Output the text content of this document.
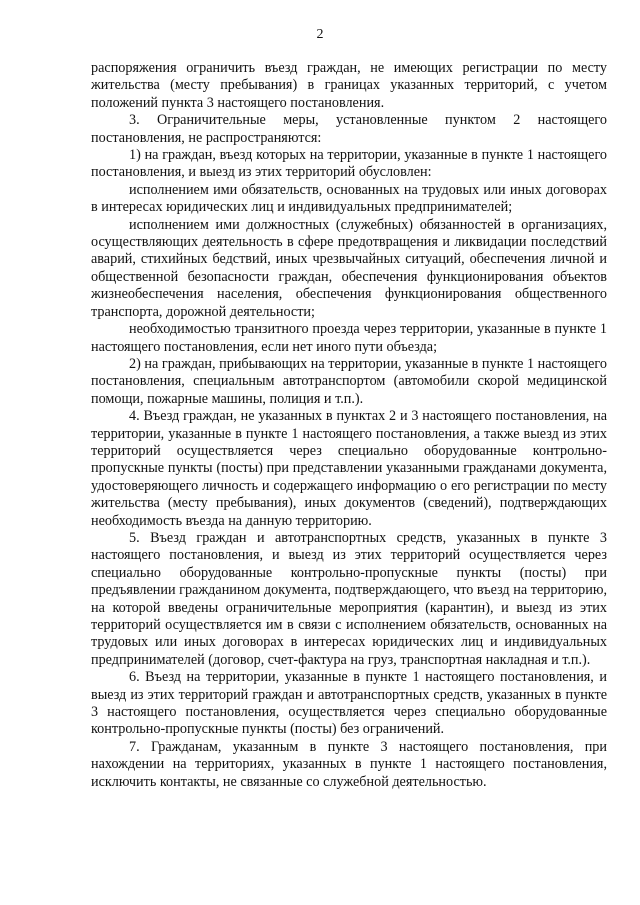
2

распоряжения ограничить въезд граждан, не имеющих регистрации по месту жительства (месту пребывания) в границах указанных территорий, с учетом положений пункта 3 настоящего постановления.

3. Ограничительные меры, установленные пунктом 2 настоящего постановления, не распространяются:

1) на граждан, въезд которых на территории, указанные в пункте 1 настоящего постановления, и выезд из этих территорий обусловлен:

исполнением ими обязательств, основанных на трудовых или иных договорах в интересах юридических лиц и индивидуальных предпринимателей;

исполнением ими должностных (служебных) обязанностей в организациях, осуществляющих деятельность в сфере предотвращения и ликвидации последствий аварий, стихийных бедствий, иных чрезвычайных ситуаций, обеспечения личной и общественной безопасности граждан, обеспечения функционирования объектов жизнеобеспечения населения, обеспечения функционирования общественного транспорта, дорожной деятельности;

необходимостью транзитного проезда через территории, указанные в пункте 1 настоящего постановления, если нет иного пути объезда;

2) на граждан, прибывающих на территории, указанные в пункте 1 настоящего постановления, специальным автотранспортом (автомобили скорой медицинской помощи, пожарные машины, полиция и т.п.).

4. Въезд граждан, не указанных в пунктах 2 и 3 настоящего постановления, на территории, указанные в пункте 1 настоящего постановления, а также выезд из этих территорий осуществляется через специально оборудованные контрольно-пропускные пункты (посты) при представлении указанными гражданами документа, удостоверяющего личность и содержащего информацию о его регистрации по месту жительства (месту пребывания), иных документов (сведений), подтверждающих необходимость въезда на данную территорию.

5. Въезд граждан и автотранспортных средств, указанных в пункте 3 настоящего постановления, и выезд из этих территорий осуществляется через специально оборудованные контрольно-пропускные пункты (посты) при предъявлении гражданином документа, подтверждающего, что въезд на территорию, на которой введены ограничительные мероприятия (карантин), и выезд из этих территорий осуществляется им в связи с исполнением обязательств, основанных на трудовых или иных договорах в интересах юридических лиц и индивидуальных предпринимателей (договор, счет-фактура на груз, транспортная накладная и т.п.).

6. Въезд на территории, указанные в пункте 1 настоящего постановления, и выезд из этих территорий граждан и автотранспортных средств, указанных в пункте 3 настоящего постановления, осуществляется через специально оборудованные контрольно-пропускные пункты (посты) без ограничений.

7. Гражданам, указанным в пункте 3 настоящего постановления, при нахождении на территориях, указанных в пункте 1 настоящего постановления, исключить контакты, не связанные со служебной деятельностью.
